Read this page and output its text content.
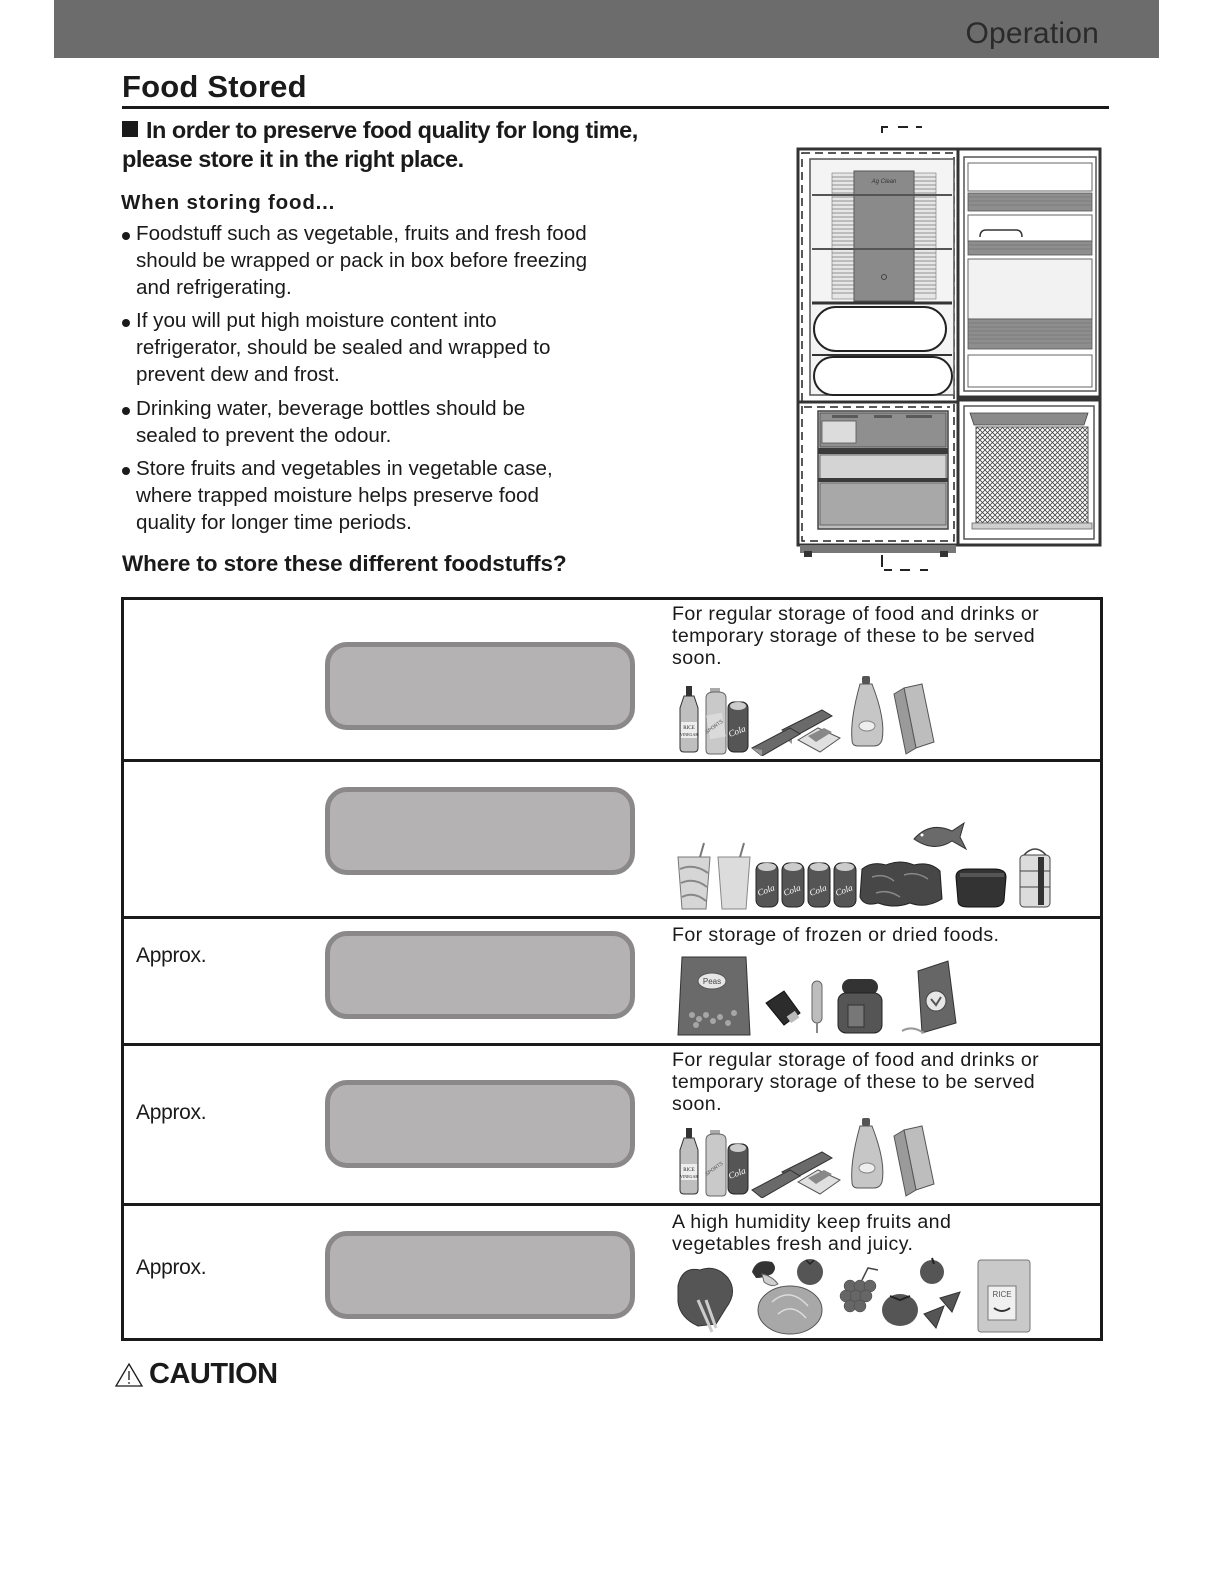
Operation
Food Stored
In order to preserve food quality for long time,
please store it in the right place.
When storing food...
Foodstuff such as vegetable, fruits and fresh food
should be wrapped or pack in box before freezing
and refrigerating.
If you will put high moisture content into
refrigerator, should be sealed and wrapped to
prevent dew and frost.
Drinking water, beverage bottles should be
sealed to prevent the odour.
Store fruits and vegetables in vegetable case,
where trapped moisture helps preserve food
quality for longer time periods.
Where to store these different foodstuffs?
Ag Clean
For regular storage of food and drinks or
temporary storage of these to be served
soon.
RICE
VINEGAR SPORTS Cola
Cola Cola Cola Cola
Approx.
For storage of frozen or dried foods.
Peas
Approx.
For regular storage of food and drinks or
temporary storage of these to be served
soon.
RICE
VINEGAR SPORTS Cola
Approx.
A high humidity keep fruits and
vegetables fresh and juicy.
RICE
CAUTION
